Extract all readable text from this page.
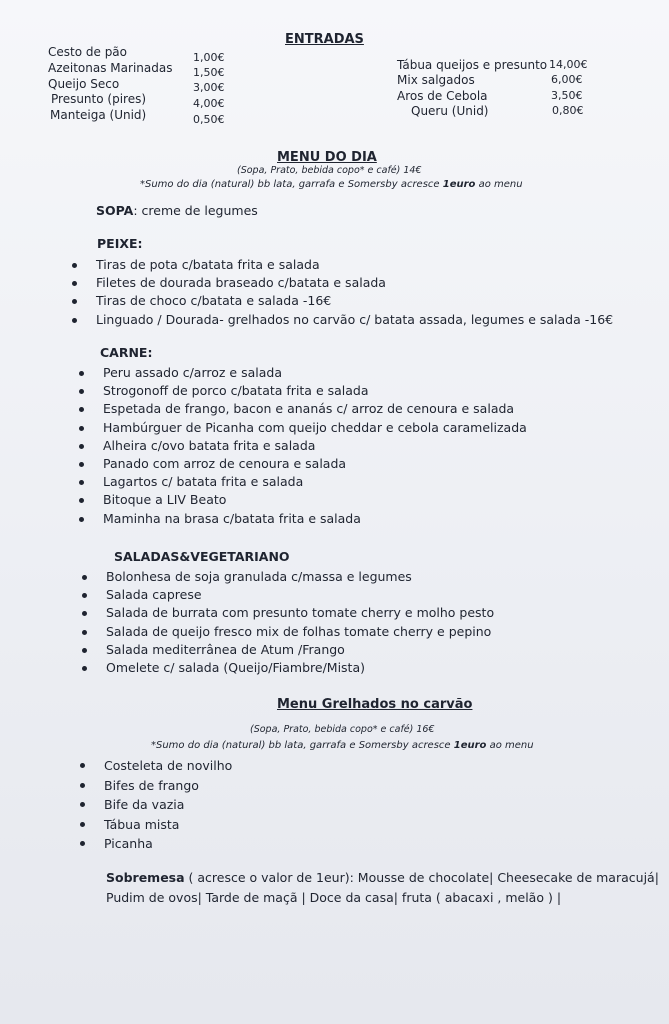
ENTRADAS
Cesto de pão	1,00€
Azeitonas Marinadas 1,50€
Queijo Seco	3,00€
Presunto (pires)	4,00€
Manteiga (Unid)	0,50€
Tábua queijos e presunto 14,00€
Mix salgados	6,00€
Aros de Cebola	3,50€
Queru (Unid)	0,80€
MENU DO DIA
(Sopa, Prato, bebida copo* e café) 14€
*Sumo do dia (natural) bb lata, garrafa e Somersby acresce 1euro ao menu
SOPA: creme de legumes
PEIXE:
Tiras de pota c/batata frita e salada
Filetes de dourada braseado c/batata e salada
Tiras de choco c/batata e salada -16€
Linguado / Dourada- grelhados no carvão c/ batata assada, legumes e salada -16€
CARNE:
Peru assado c/arroz e salada
Strogonoff de porco c/batata frita e salada
Espetada de frango, bacon e ananás c/ arroz de cenoura e salada
Hambúrguer de Picanha com queijo cheddar e cebola caramelizada
Alheira c/ovo batata frita e salada
Panado com arroz de cenoura e salada
Lagartos c/ batata frita e salada
Bitoque a LIV Beato
Maminha na brasa c/batata frita e salada
SALADAS&VEGETARIANO
Bolonhesa de soja granulada c/massa e legumes
Salada caprese
Salada de burrata com presunto tomate cherry e molho pesto
Salada de queijo fresco mix de folhas tomate cherry e pepino
Salada mediterrânea de Atum /Frango
Omelete c/ salada (Queijo/Fiambre/Mista)
Menu Grelhados no carvão
(Sopa, Prato, bebida copo* e café) 16€
*Sumo do dia (natural) bb lata, garrafa e Somersby acresce 1euro ao menu
Costeleta de novilho
Bifes de frango
Bife da vazia
Tábua mista
Picanha
Sobremesa ( acresce o valor de 1eur): Mousse de chocolate| Cheesecake de maracujá|
Pudim de ovos| Tarde de maçã | Doce da casa| fruta ( abacaxi , melão ) |
